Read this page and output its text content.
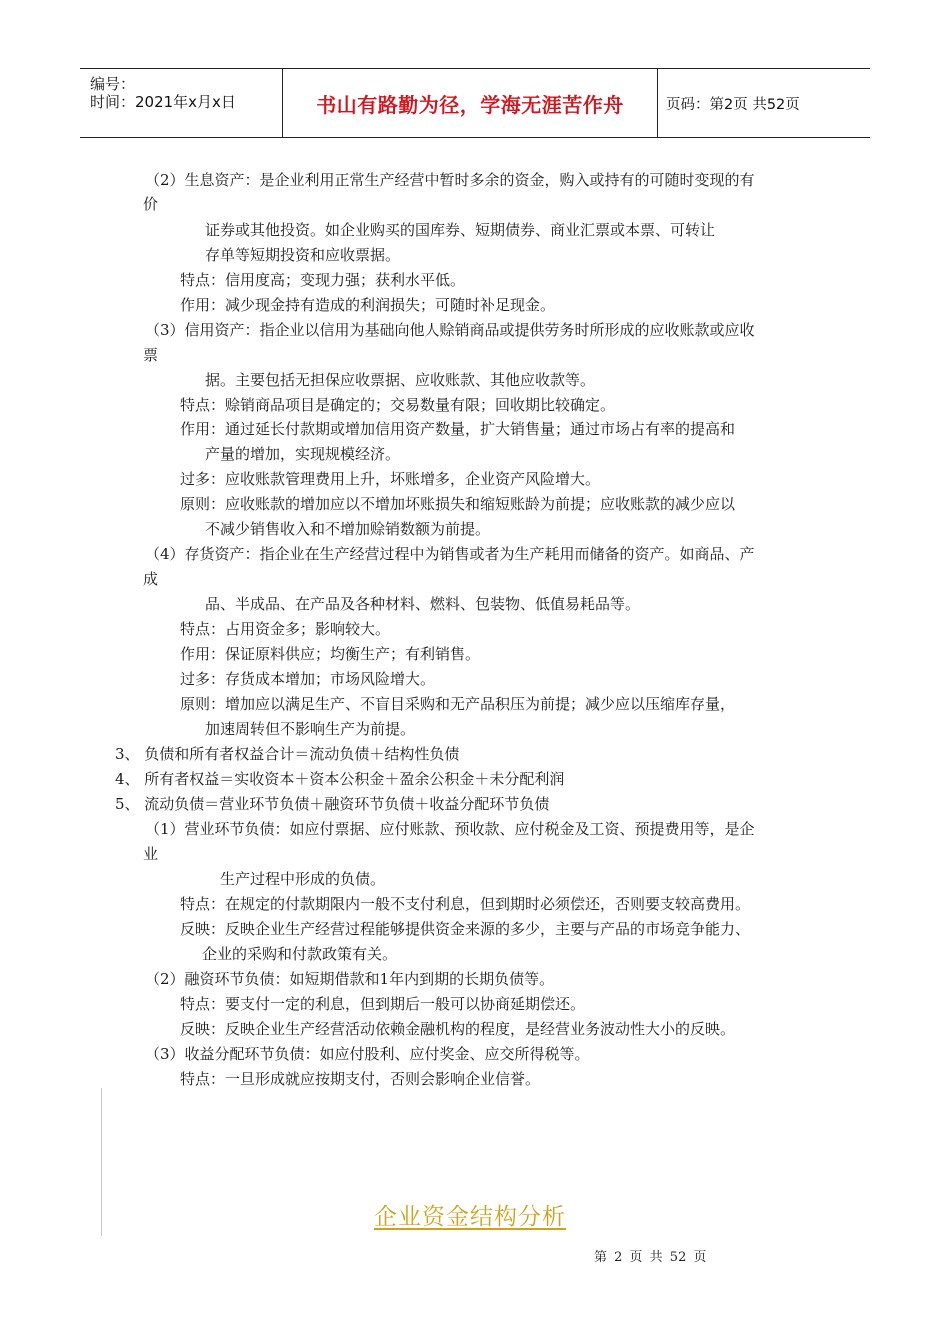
编号：
时间：2021年x月x日	书山有路勤为径，学海无涯苦作舟	页码：第2页 共52页
（2）生息资产：是企业利用正常生产经营中暂时多余的资金，购入或持有的可随时变现的有
价
证券或其他投资。如企业购买的国库券、短期债券、商业汇票或本票、可转让
存单等短期投资和应收票据。
特点：信用度高；变现力强；获利水平低。
作用：减少现金持有造成的利润损失；可随时补足现金。
（3）信用资产：指企业以信用为基础向他人赊销商品或提供劳务时所形成的应收账款或应收
票
据。主要包括无担保应收票据、应收账款、其他应收款等。
特点：赊销商品项目是确定的；交易数量有限；回收期比较确定。
作用：通过延长付款期或增加信用资产数量，扩大销售量；通过市场占有率的提高和
产量的增加，实现规模经济。
过多：应收账款管理费用上升，坏账增多，企业资产风险增大。
原则：应收账款的增加应以不增加坏账损失和缩短账龄为前提；应收账款的减少应以
不减少销售收入和不增加赊销数额为前提。
（4）存货资产：指企业在生产经营过程中为销售或者为生产耗用而储备的资产。如商品、产
成
品、半成品、在产品及各种材料、燃料、包装物、低值易耗品等。
特点：占用资金多；影响较大。
作用：保证原料供应；均衡生产；有利销售。
过多：存货成本增加；市场风险增大。
原则：增加应以满足生产、不盲目采购和无产品积压为前提；减少应以压缩库存量，
加速周转但不影响生产为前提。
3、 负债和所有者权益合计＝流动负债＋结构性负债
4、 所有者权益＝实收资本＋资本公积金＋盈余公积金＋未分配利润
5、 流动负债＝营业环节负债＋融资环节负债＋收益分配环节负债
（1）营业环节负债：如应付票据、应付账款、预收款、应付税金及工资、预提费用等，是企
业
生产过程中形成的负债。
特点：在规定的付款期限内一般不支付利息，但到期时必须偿还，否则要支较高费用。
反映：反映企业生产经营过程能够提供资金来源的多少，主要与产品的市场竞争能力、
企业的采购和付款政策有关。
（2）融资环节负债：如短期借款和1年内到期的长期负债等。
特点：要支付一定的利息，但到期后一般可以协商延期偿还。
反映：反映企业生产经营活动依赖金融机构的程度，是经营业务波动性大小的反映。
（3）收益分配环节负债：如应付股利、应付奖金、应交所得税等。
特点：一旦形成就应按期支付，否则会影响企业信誉。
企业资金结构分析
第 2 页 共 52 页
